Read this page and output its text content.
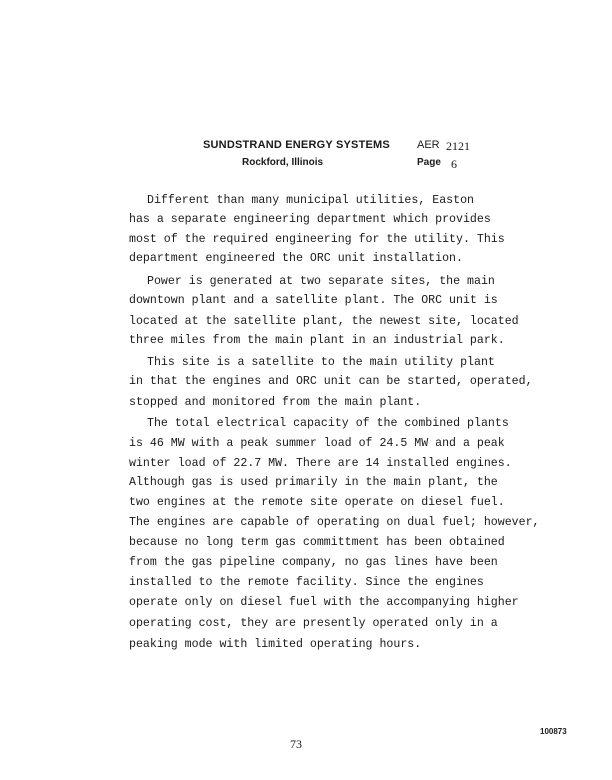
SUNDSTRAND ENERGY SYSTEMS
Rockford, Illinois
AER 2121
Page 6
Different than many municipal utilities, Easton
has a separate engineering department which provides
most of the required engineering for the utility. This
department engineered the ORC unit installation.
Power is generated at two separate sites, the main
downtown plant and a satellite plant. The ORC unit is
located at the satellite plant, the newest site, located
three miles from the main plant in an industrial park.
This site is a satellite to the main utility plant
in that the engines and ORC unit can be started, operated,
stopped and monitored from the main plant.
The total electrical capacity of the combined plants
is 46 MW with a peak summer load of 24.5 MW and a peak
winter load of 22.7 MW. There are 14 installed engines.
Although gas is used primarily in the main plant, the
two engines at the remote site operate on diesel fuel.
The engines are capable of operating on dual fuel; however,
because no long term gas committment has been obtained
from the gas pipeline company, no gas lines have been
installed to the remote facility. Since the engines
operate only on diesel fuel with the accompanying higher
operating cost, they are presently operated only in a
peaking mode with limited operating hours.
100873
73
